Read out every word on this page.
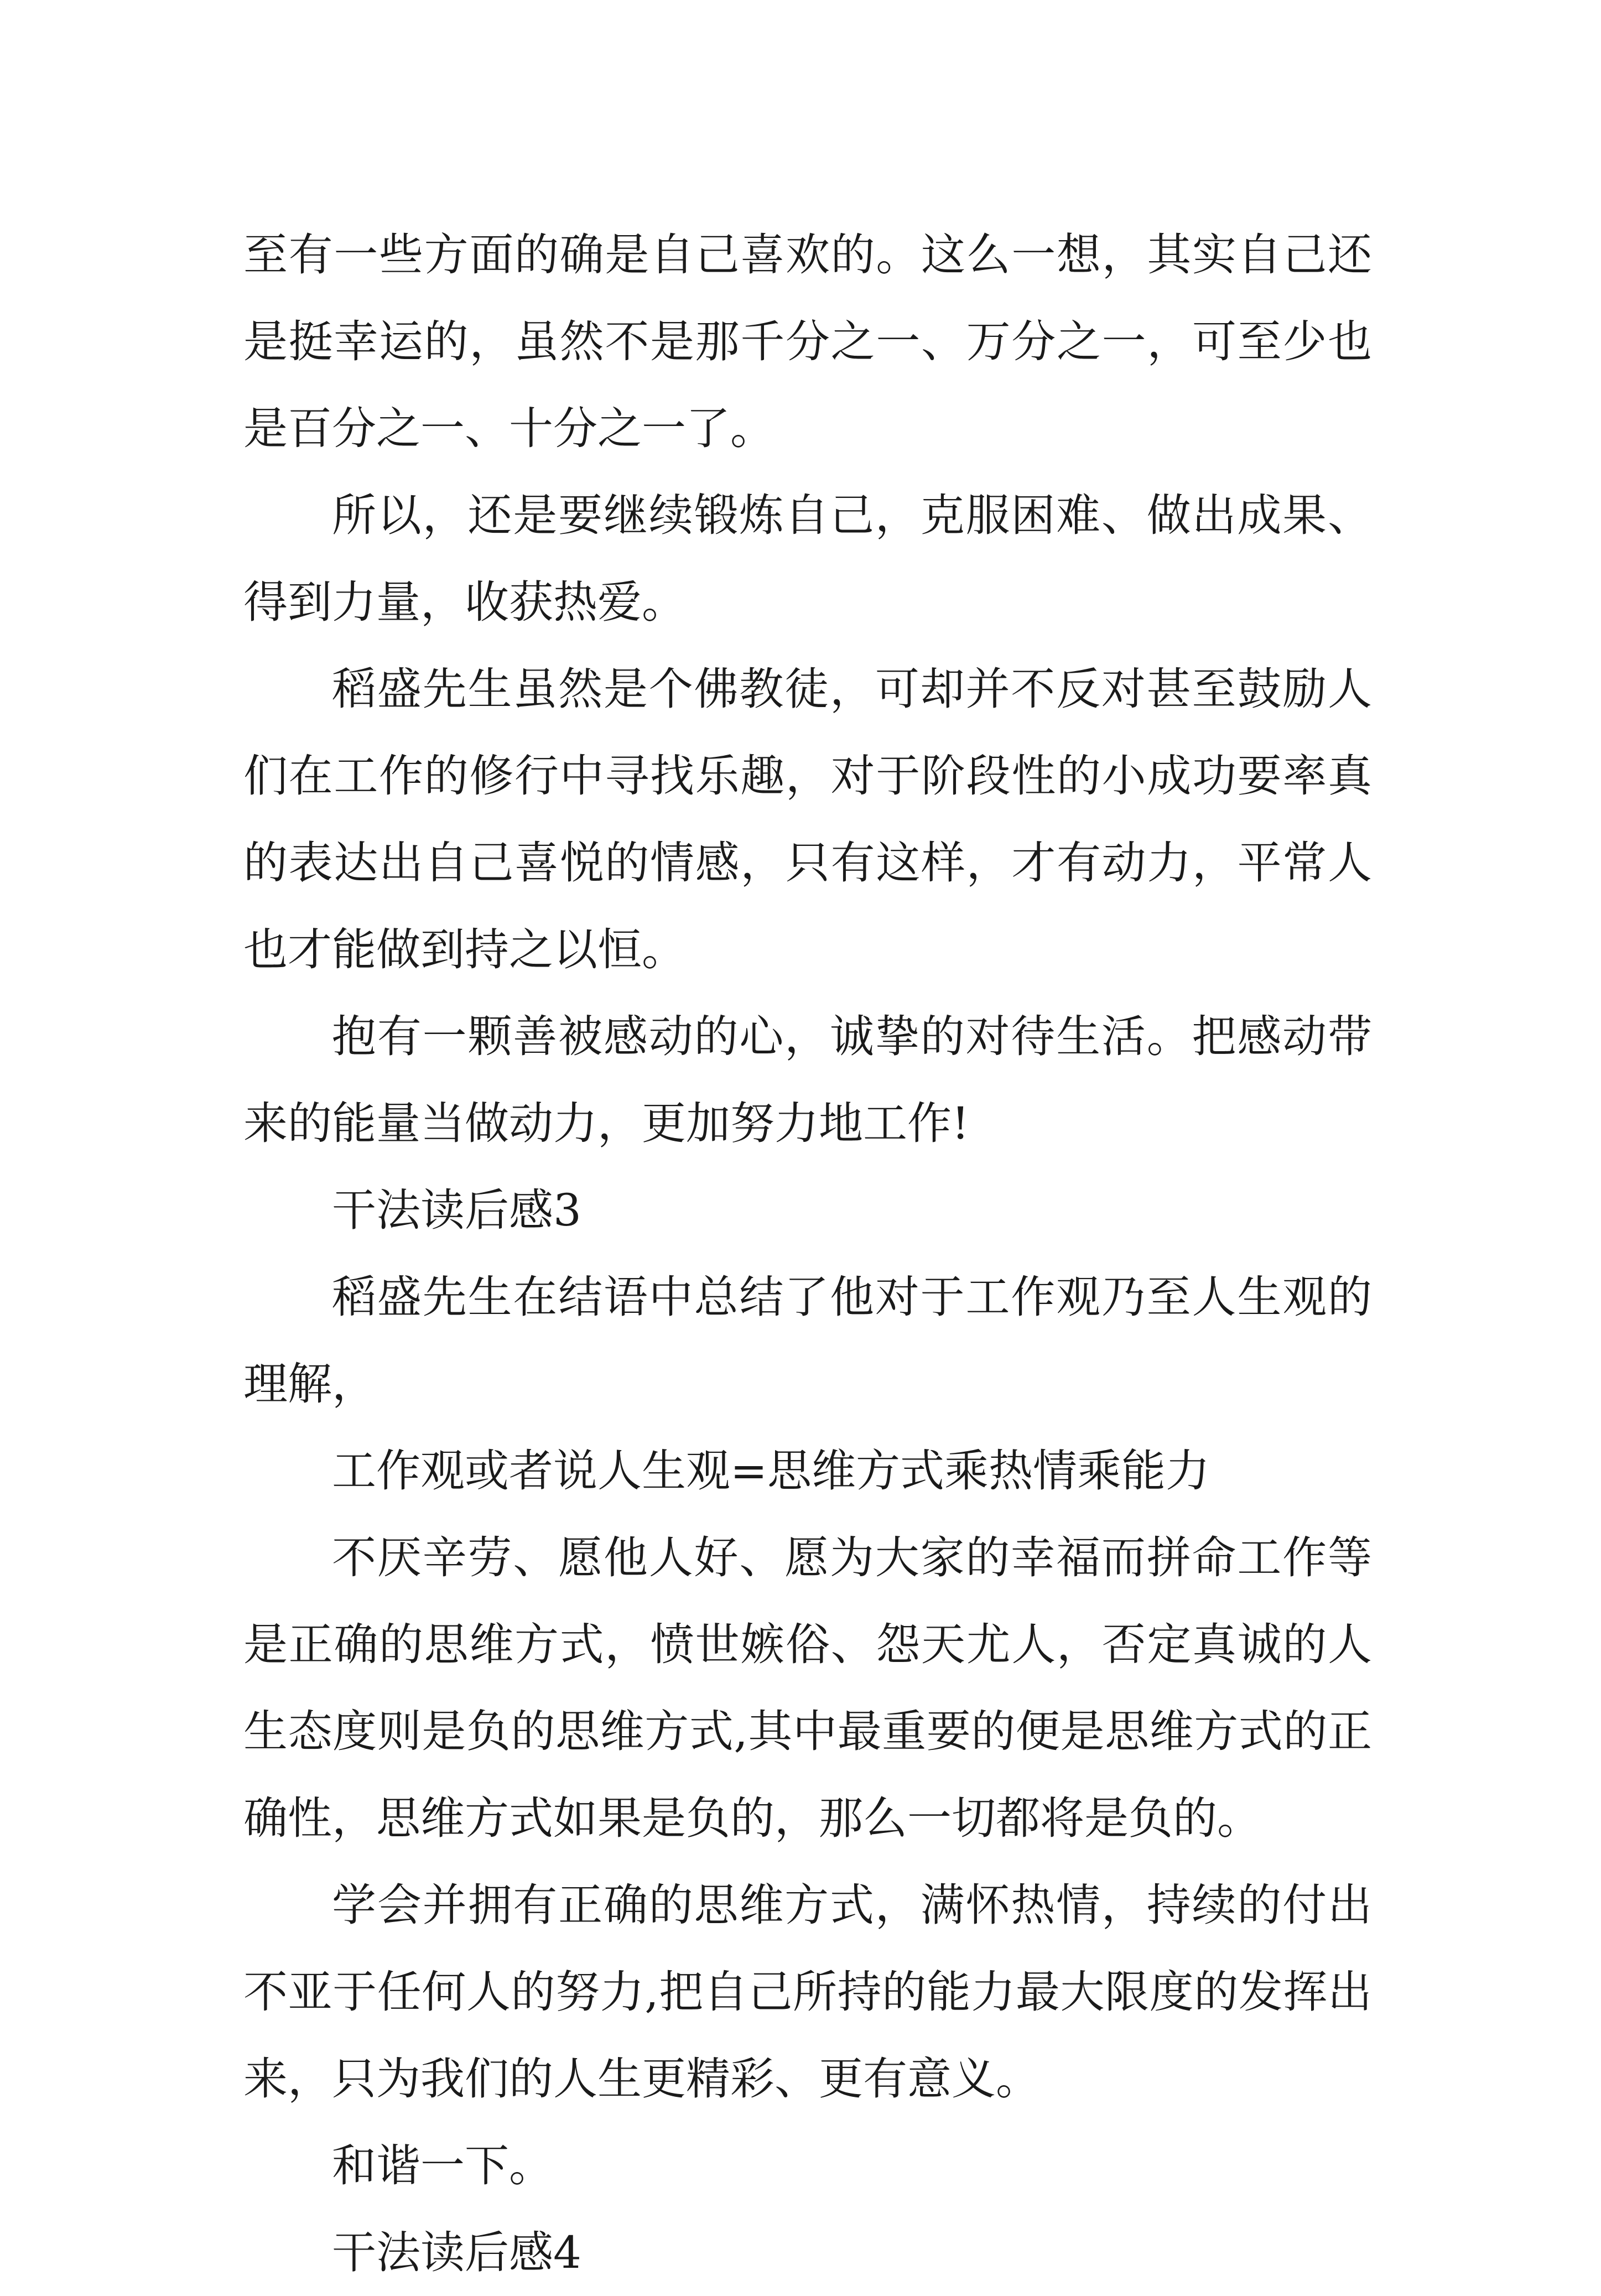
至有一些方面的确是自己喜欢的。这么一想，其实自己还是挺幸运的，虽然不是那千分之一、万分之一，可至少也是百分之一、十分之一了。

所以，还是要继续锻炼自己，克服困难、做出成果、得到力量，收获热爱。

稻盛先生虽然是个佛教徒，可却并不反对甚至鼓励人们在工作的修行中寻找乐趣，对于阶段性的小成功要率真的表达出自己喜悦的情感，只有这样，才有动力，平常人也才能做到持之以恒。

抱有一颗善被感动的心，诚挚的对待生活。把感动带来的能量当做动力，更加努力地工作!

干法读后感3

稻盛先生在结语中总结了他对于工作观乃至人生观的理解，

工作观或者说人生观=思维方式乘热情乘能力

不厌辛劳、愿他人好、愿为大家的幸福而拼命工作等是正确的思维方式，愤世嫉俗、怨天尤人，否定真诚的人生态度则是负的思维方式,其中最重要的便是思维方式的正确性，思维方式如果是负的，那么一切都将是负的。

学会并拥有正确的思维方式，满怀热情，持续的付出不亚于任何人的努力,把自己所持的能力最大限度的发挥出来，只为我们的人生更精彩、更有意义。

和谐一下。

干法读后感4
